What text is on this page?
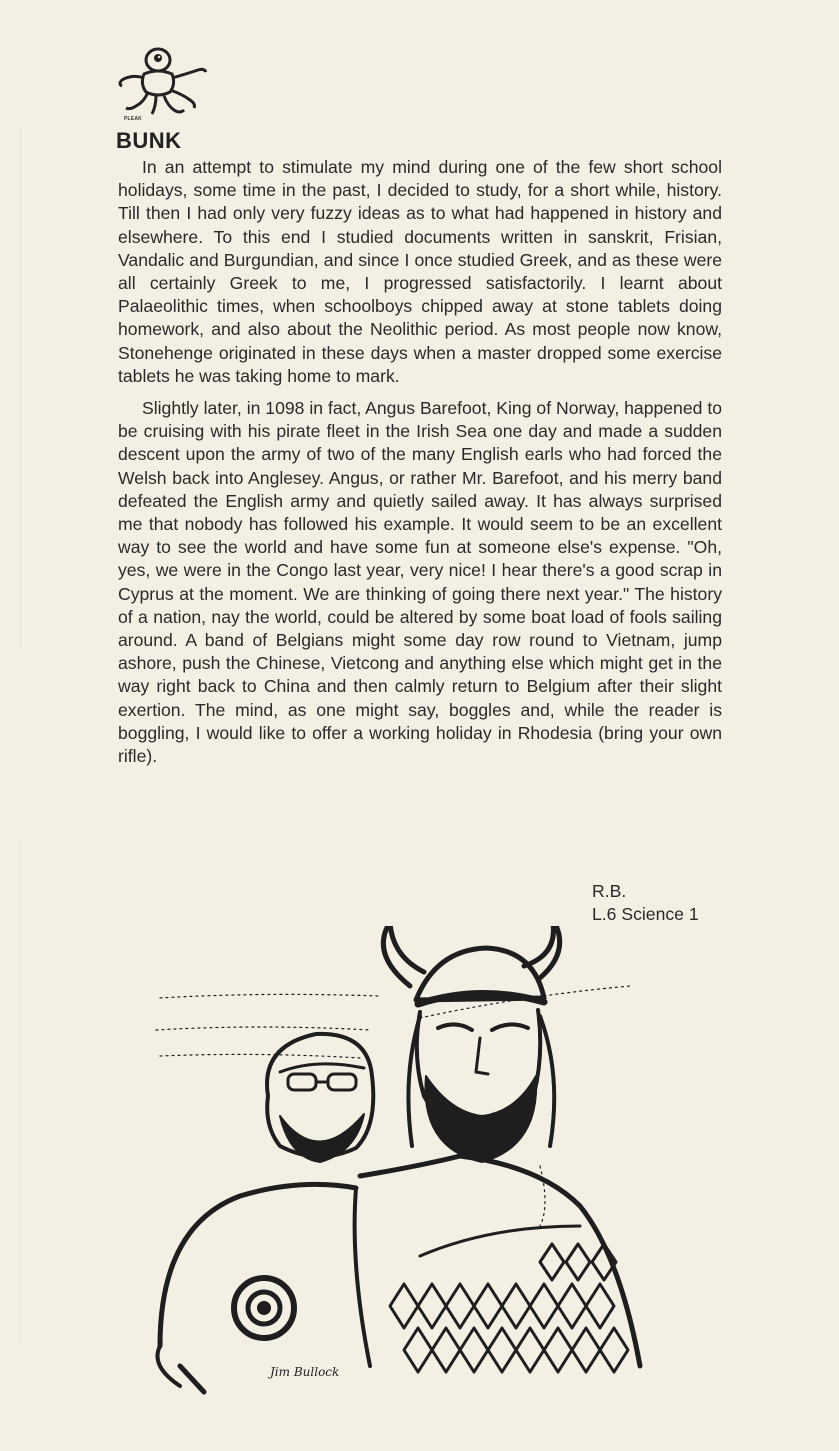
PLEAK
BUNK

In an attempt to stimulate my mind during one of the few short school holidays, some time in the past, I decided to study, for a short while, history. Till then I had only very fuzzy ideas as to what had happened in history and elsewhere. To this end I studied documents written in sanskrit, Frisian, Vandalic and Burgundian, and since I once studied Greek, and as these were all certainly Greek to me, I progressed satisfactorily. I learnt about Palaeolithic times, when schoolboys chipped away at stone tablets doing homework, and also about the Neolithic period. As most people now know, Stonehenge originated in these days when a master dropped some exercise tablets he was taking home to mark.

Slightly later, in 1098 in fact, Angus Barefoot, King of Norway, happened to be cruising with his pirate fleet in the Irish Sea one day and made a sudden descent upon the army of two of the many English earls who had forced the Welsh back into Anglesey. Angus, or rather Mr. Barefoot, and his merry band defeated the English army and quietly sailed away. It has always surprised me that nobody has followed his example. It would seem to be an excellent way to see the world and have some fun at someone else's expense. "Oh, yes, we were in the Congo last year, very nice! I hear there's a good scrap in Cyprus at the moment. We are thinking of going there next year." The history of a nation, nay the world, could be altered by some boat load of fools sailing around. A band of Belgians might some day row round to Vietnam, jump ashore, push the Chinese, Vietcong and anything else which might get in the way right back to China and then calmly return to Belgium after their slight exertion. The mind, as one might say, boggles and, while the reader is boggling, I would like to offer a working holiday in Rhodesia (bring your own rifle).

R.B.
L.6 Science 1
Jim Bullock
